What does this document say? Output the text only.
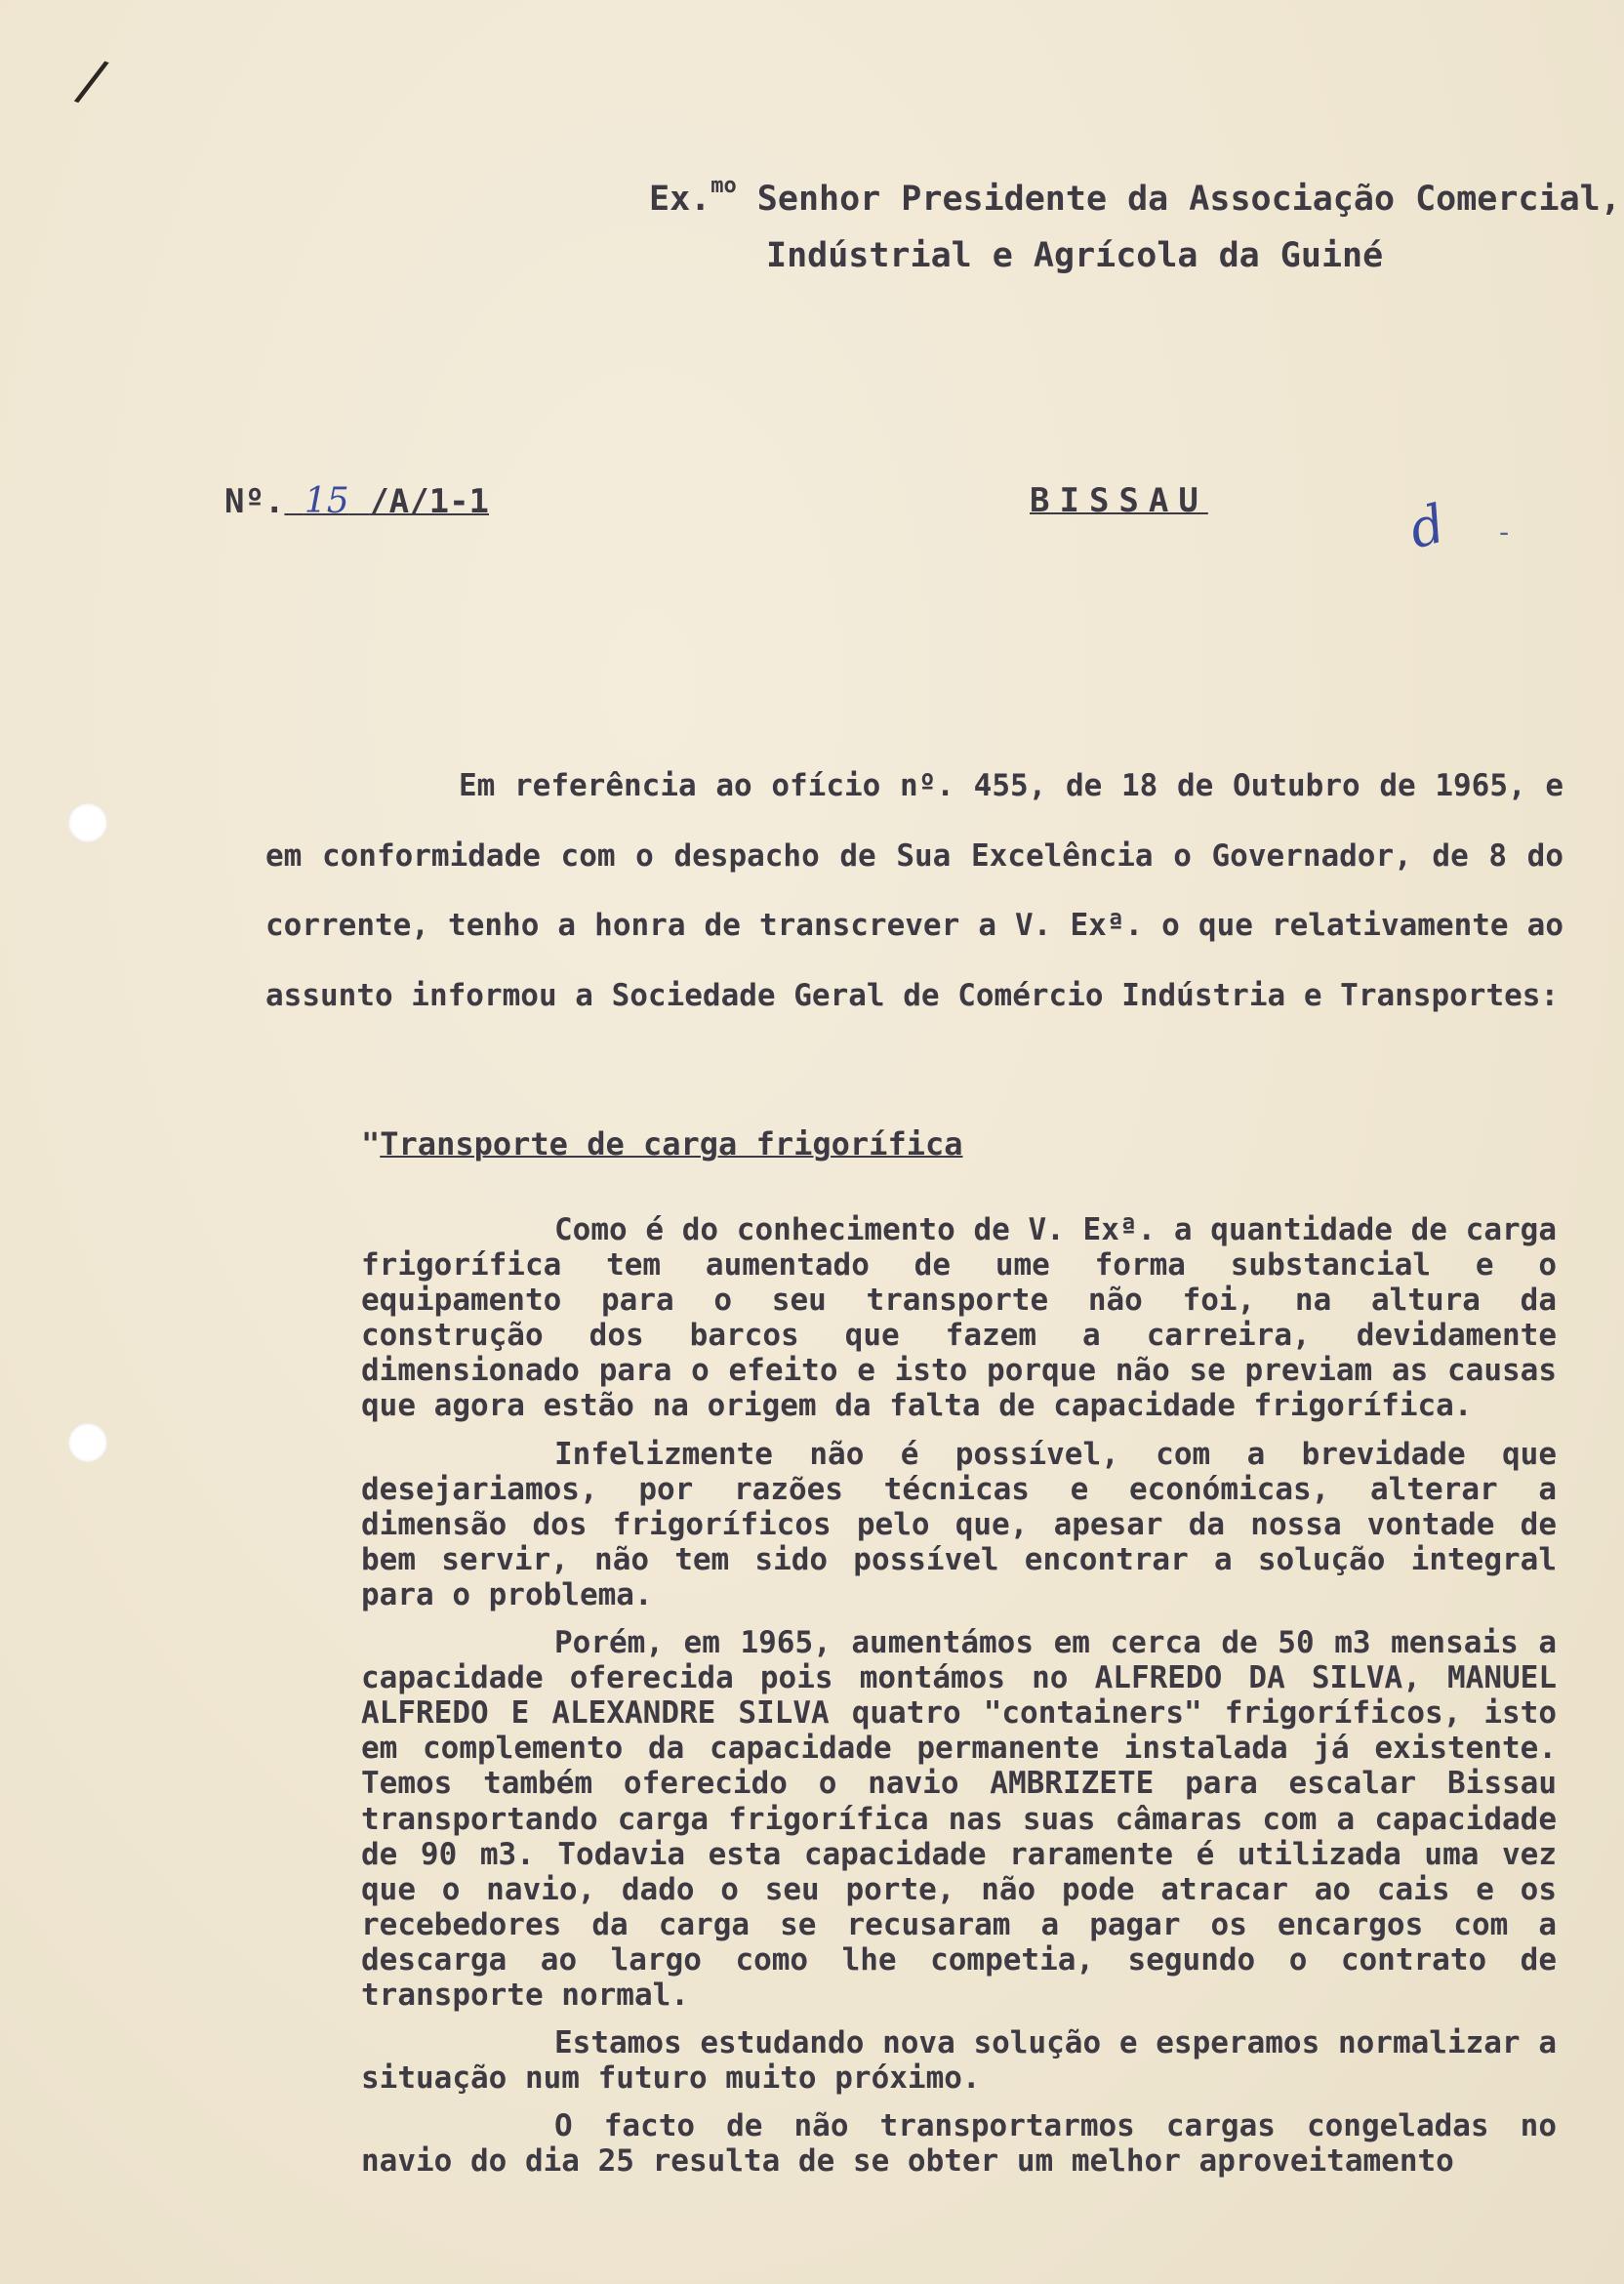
/
Ex.$^{mo}$ Senhor Presidente da Associação Comercial,
Indústrial e Agrícola da Guiné
Nº. 15 /A/1-1	BISSAU	d -

Em referência ao ofício nº. 455, de 18 de Outubro de 1965, e em conformidade com o despacho de Sua Excelência o Governador, de 8 do corrente, tenho a honra de transcrever a V. Exª. o que relativamente ao assunto informou a Sociedade Geral de Comércio Indústria e Transportes:

"Transporte de carga frigorífica

Como é do conhecimento de V. Exª. a quantidade de carga frigorífica tem aumentado de ume forma substancial e o equipamento para o seu transporte não foi, na altura da construção dos barcos que fazem a carreira, devidamente dimensionado para o efeito e isto porque não se previam as causas que agora estão na origem da falta de capacidade frigorífica.

Infelizmente não é possível, com a brevidade que desejariamos, por razões técnicas e económicas, alterar a dimensão dos frigoríficos pelo que, apesar da nossa vontade de bem servir, não tem sido possível encontrar a solução integral para o problema.

Porém, em 1965, aumentámos em cerca de 50 m3 mensais a capacidade oferecida pois montámos no ALFREDO DA SILVA, MANUEL ALFREDO E ALEXANDRE SILVA quatro "containers" frigoríficos, isto em complemento da capacidade permanente instalada já existente. Temos também oferecido o navio AMBRIZETE para escalar Bissau transportando carga frigorífica nas suas câmaras com a capacidade de 90 m3. Todavia esta capacidade raramente é utilizada uma vez que o navio, dado o seu porte, não pode atracar ao cais e os recebedores da carga se recusaram a pagar os encargos com a descarga ao largo como lhe competia, segundo o contrato de transporte normal.

Estamos estudando nova solução e esperamos normalizar a situação num futuro muito próximo.

O facto de não transportarmos cargas congeladas no navio do dia 25 resulta de se obter um melhor aproveitamento
